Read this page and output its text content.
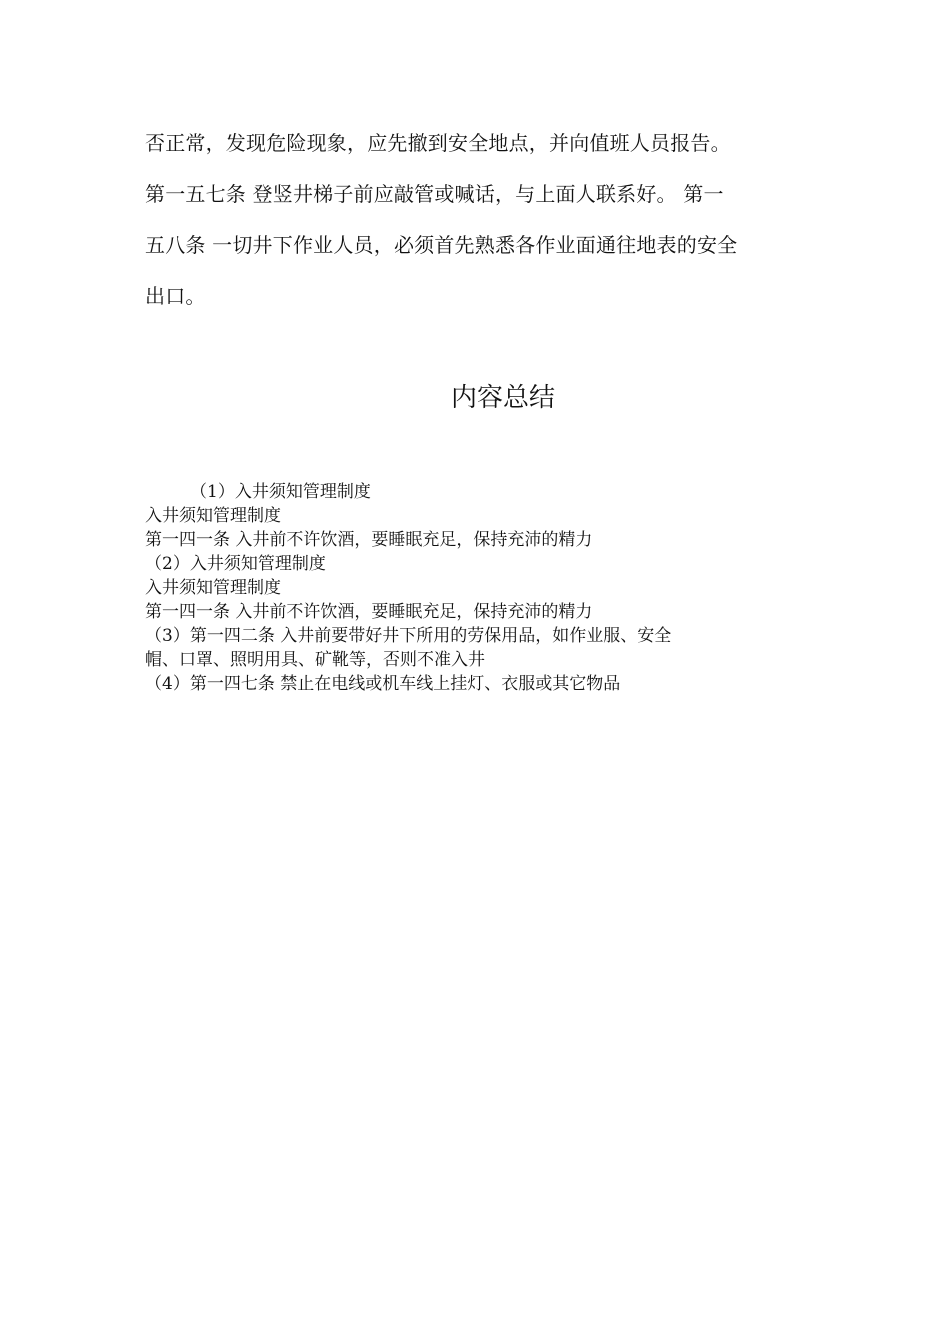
否正常，发现危险现象，应先撤到安全地点，并向值班人员报告。
第一五七条 登竖井梯子前应敲管或喊话，与上面人联系好。 第一
五八条 一切井下作业人员，必须首先熟悉各作业面通往地表的安全
出口。
内容总结
（1）入井须知管理制度
入井须知管理制度
第一四一条 入井前不许饮酒，要睡眠充足，保持充沛的精力
（2）入井须知管理制度
入井须知管理制度
第一四一条 入井前不许饮酒，要睡眠充足，保持充沛的精力
（3）第一四二条 入井前要带好井下所用的劳保用品，如作业服、安全
帽、口罩、照明用具、矿靴等，否则不准入井
（4）第一四七条 禁止在电线或机车线上挂灯、衣服或其它物品
